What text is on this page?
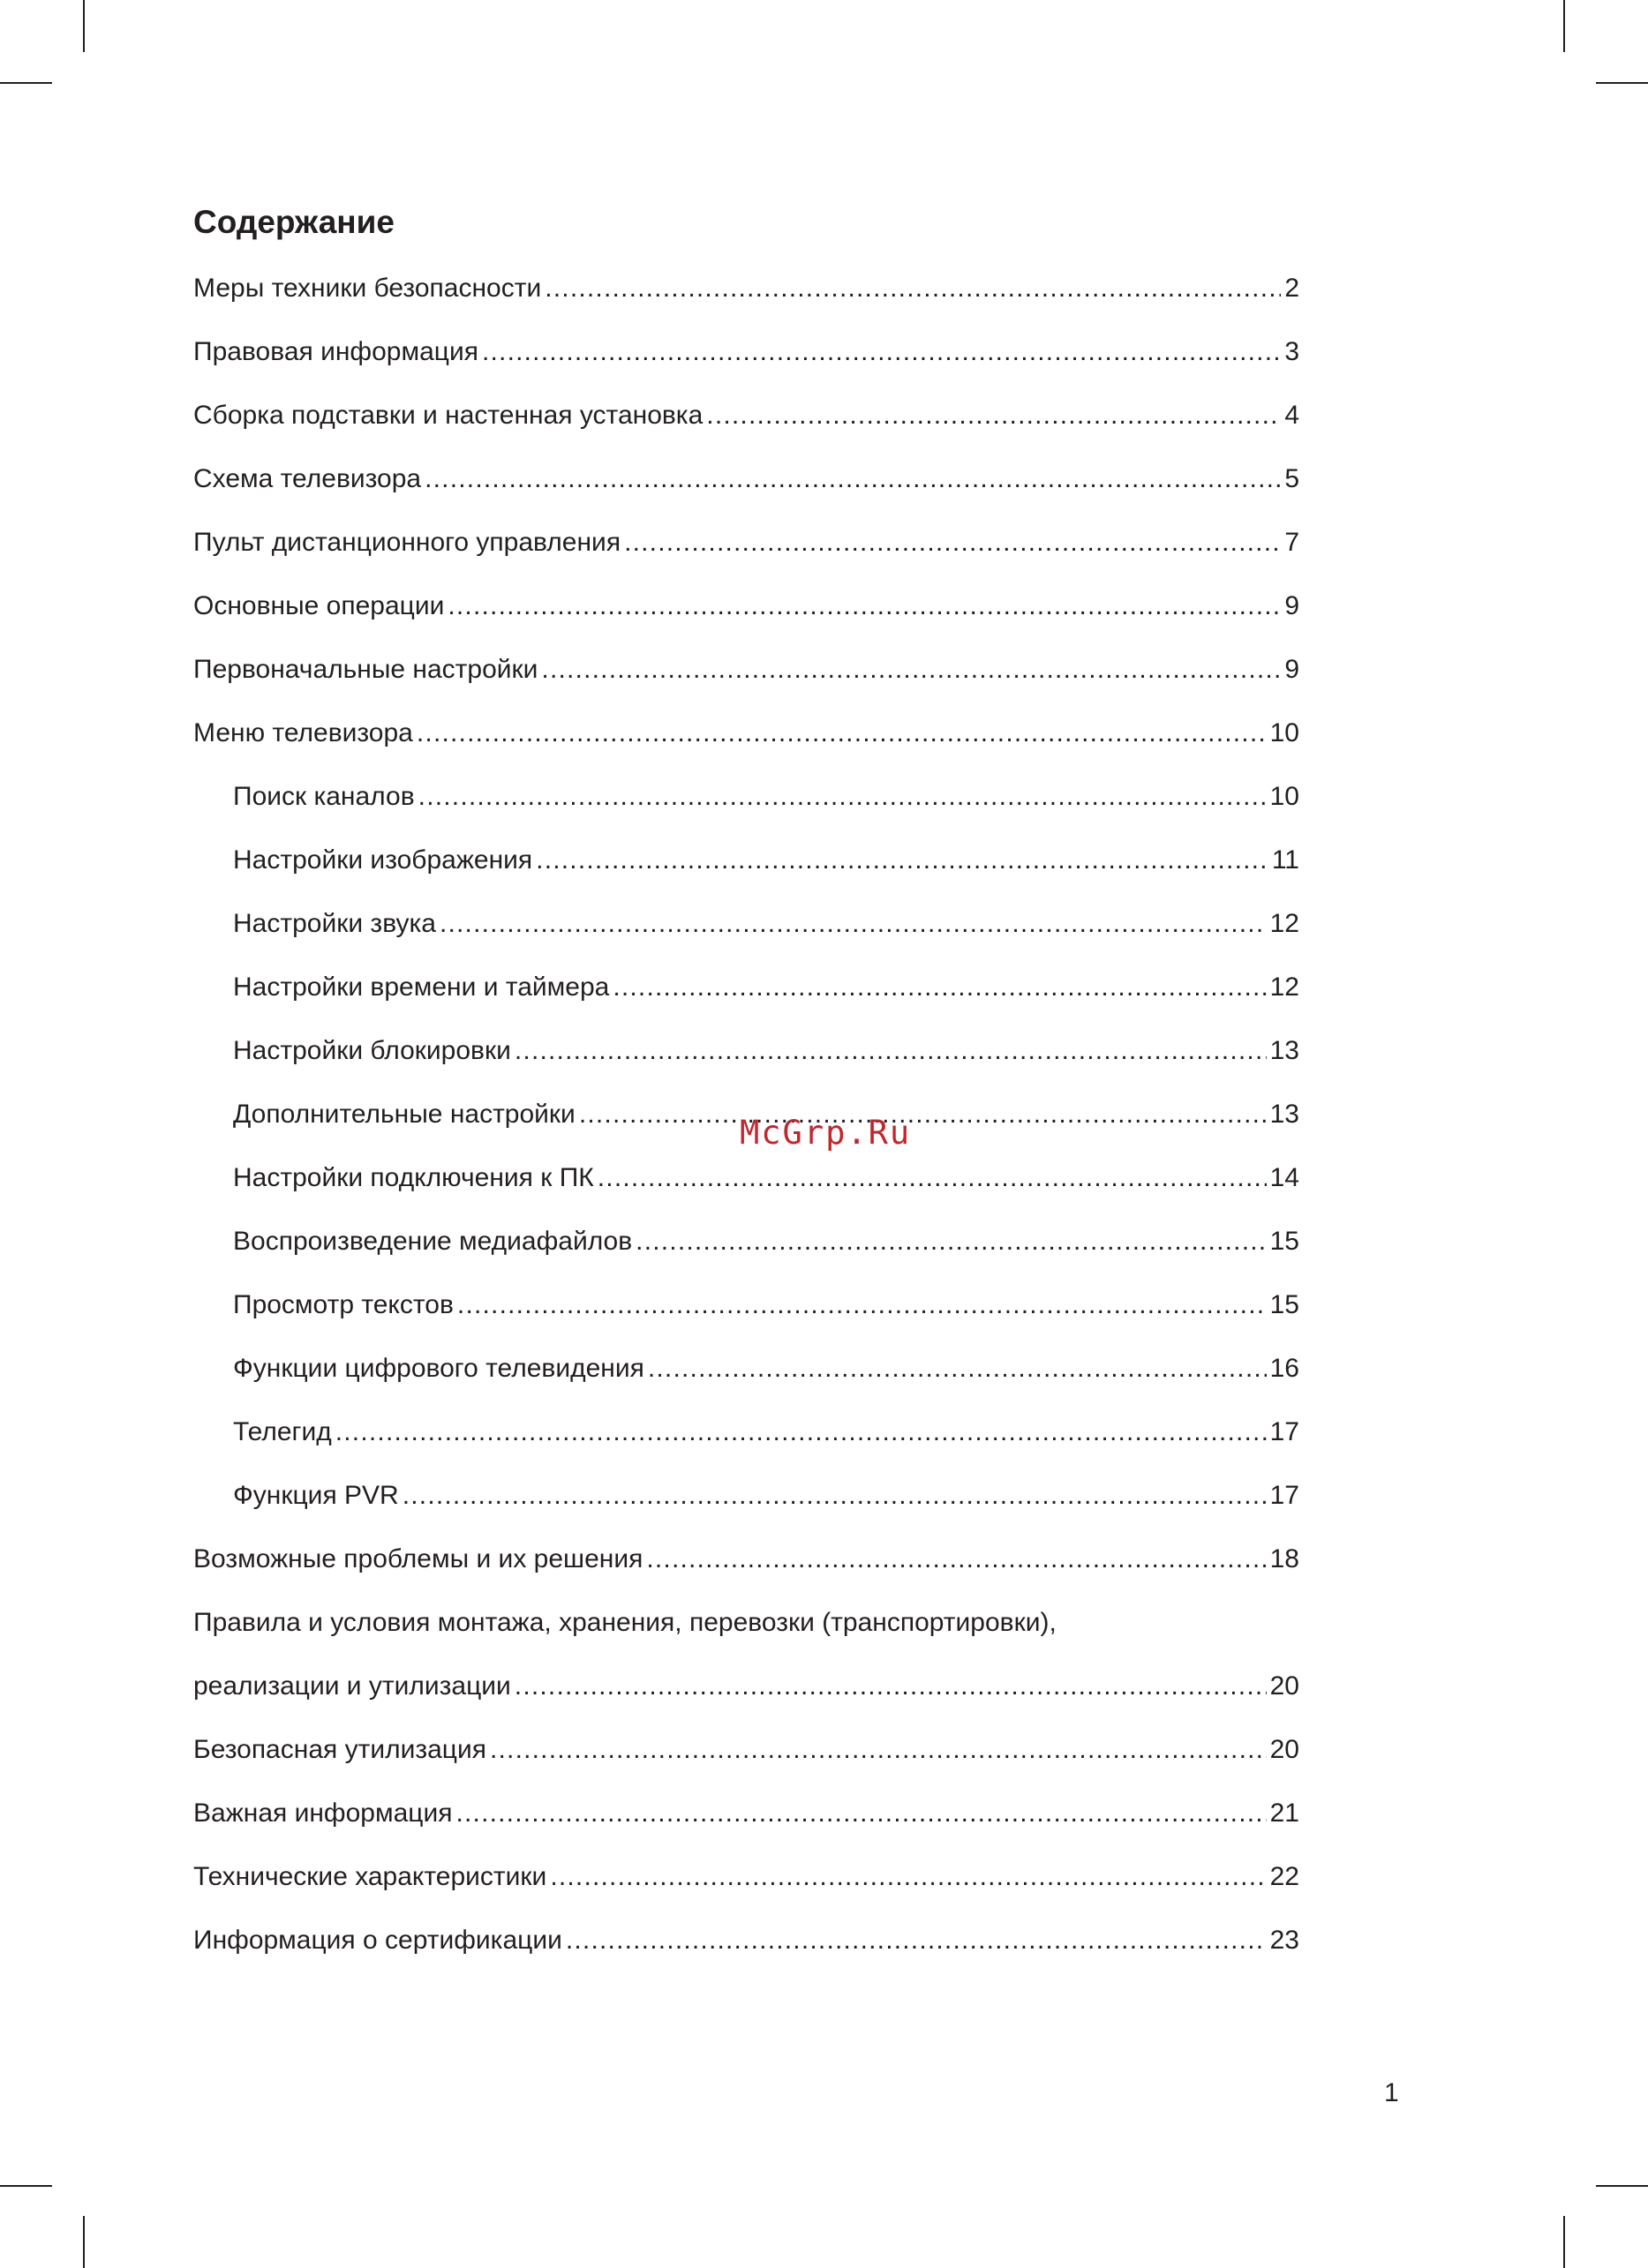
Содержание
Меры техники безопасности .....	2
Правовая информация .....	3
Сборка подставки и настенная установка .....	4
Схема телевизора .....	5
Пульт дистанционного управления .....	7
Основные операции .....	9
Первоначальные настройки .....	9
Меню телевизора .....	10
Поиск каналов .....	10
Настройки изображения .....	11
Настройки звука .....	12
Настройки времени и таймера .....	12
Настройки блокировки .....	13
Дополнительные настройки .....	13
Настройки подключения к ПК .....	14
Воспроизведение медиафайлов .....	15
Просмотр текстов .....	15
Функции цифрового телевидения .....	16
Телегид .....	17
Функция PVR .....	17
Возможные проблемы и их решения .....	18
Правила и условия монтажа, хранения, перевозки (транспортировки),
реализации и утилизации .....	20
Безопасная утилизация .....	20
Важная информация .....	21
Технические характеристики .....	22
Информация о сертификации .....	23
McGrp.Ru
1
